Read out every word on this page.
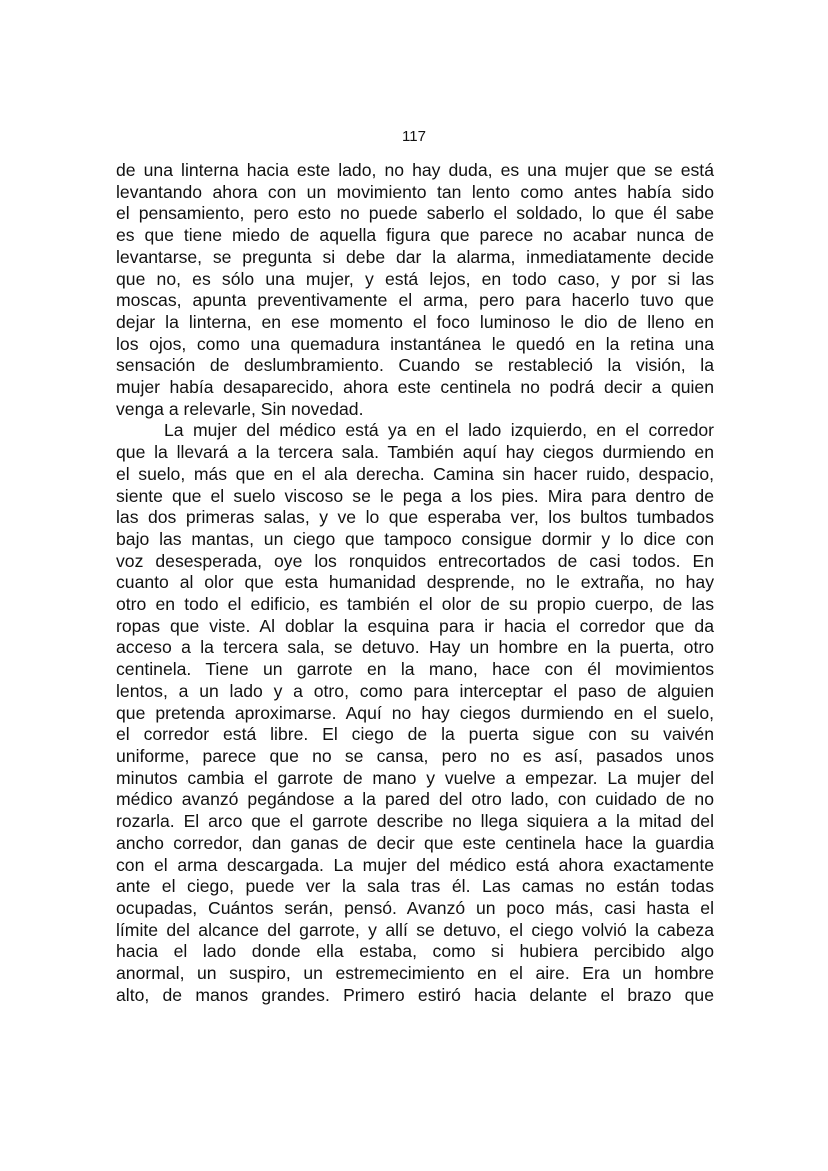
117
de una linterna hacia este lado, no hay duda, es una mujer que se está
levantando ahora con un movimiento tan lento como antes había sido
el pensamiento, pero esto no puede saberlo el soldado, lo que él sabe
es que tiene miedo de aquella figura que parece no acabar nunca de
levantarse, se pregunta si debe dar la alarma, inmediatamente decide
que no, es sólo una mujer, y está lejos, en todo caso, y por si las
moscas, apunta preventivamente el arma, pero para hacerlo tuvo que
dejar la linterna, en ese momento el foco luminoso le dio de lleno en
los ojos, como una quemadura instantánea le quedó en la retina una
sensación de deslumbramiento. Cuando se restableció la visión, la
mujer había desaparecido, ahora este centinela no podrá decir a quien
venga a relevarle, Sin novedad.
La mujer del médico está ya en el lado izquierdo, en el corredor
que la llevará a la tercera sala. También aquí hay ciegos durmiendo en
el suelo, más que en el ala derecha. Camina sin hacer ruido, despacio,
siente que el suelo viscoso se le pega a los pies. Mira para dentro de
las dos primeras salas, y ve lo que esperaba ver, los bultos tumbados
bajo las mantas, un ciego que tampoco consigue dormir y lo dice con
voz desesperada, oye los ronquidos entrecortados de casi todos. En
cuanto al olor que esta humanidad desprende, no le extraña, no hay
otro en todo el edificio, es también el olor de su propio cuerpo, de las
ropas que viste. Al doblar la esquina para ir hacia el corredor que da
acceso a la tercera sala, se detuvo. Hay un hombre en la puerta, otro
centinela. Tiene un garrote en la mano, hace con él movimientos
lentos, a un lado y a otro, como para interceptar el paso de alguien
que pretenda aproximarse. Aquí no hay ciegos durmiendo en el suelo,
el corredor está libre. El ciego de la puerta sigue con su vaivén
uniforme, parece que no se cansa, pero no es así, pasados unos
minutos cambia el garrote de mano y vuelve a empezar. La mujer del
médico avanzó pegándose a la pared del otro lado, con cuidado de no
rozarla. El arco que el garrote describe no llega siquiera a la mitad del
ancho corredor, dan ganas de decir que este centinela hace la guardia
con el arma descargada. La mujer del médico está ahora exactamente
ante el ciego, puede ver la sala tras él. Las camas no están todas
ocupadas, Cuántos serán, pensó. Avanzó un poco más, casi hasta el
límite del alcance del garrote, y allí se detuvo, el ciego volvió la cabeza
hacia el lado donde ella estaba, como si hubiera percibido algo
anormal, un suspiro, un estremecimiento en el aire. Era un hombre
alto, de manos grandes. Primero estiró hacia delante el brazo que
